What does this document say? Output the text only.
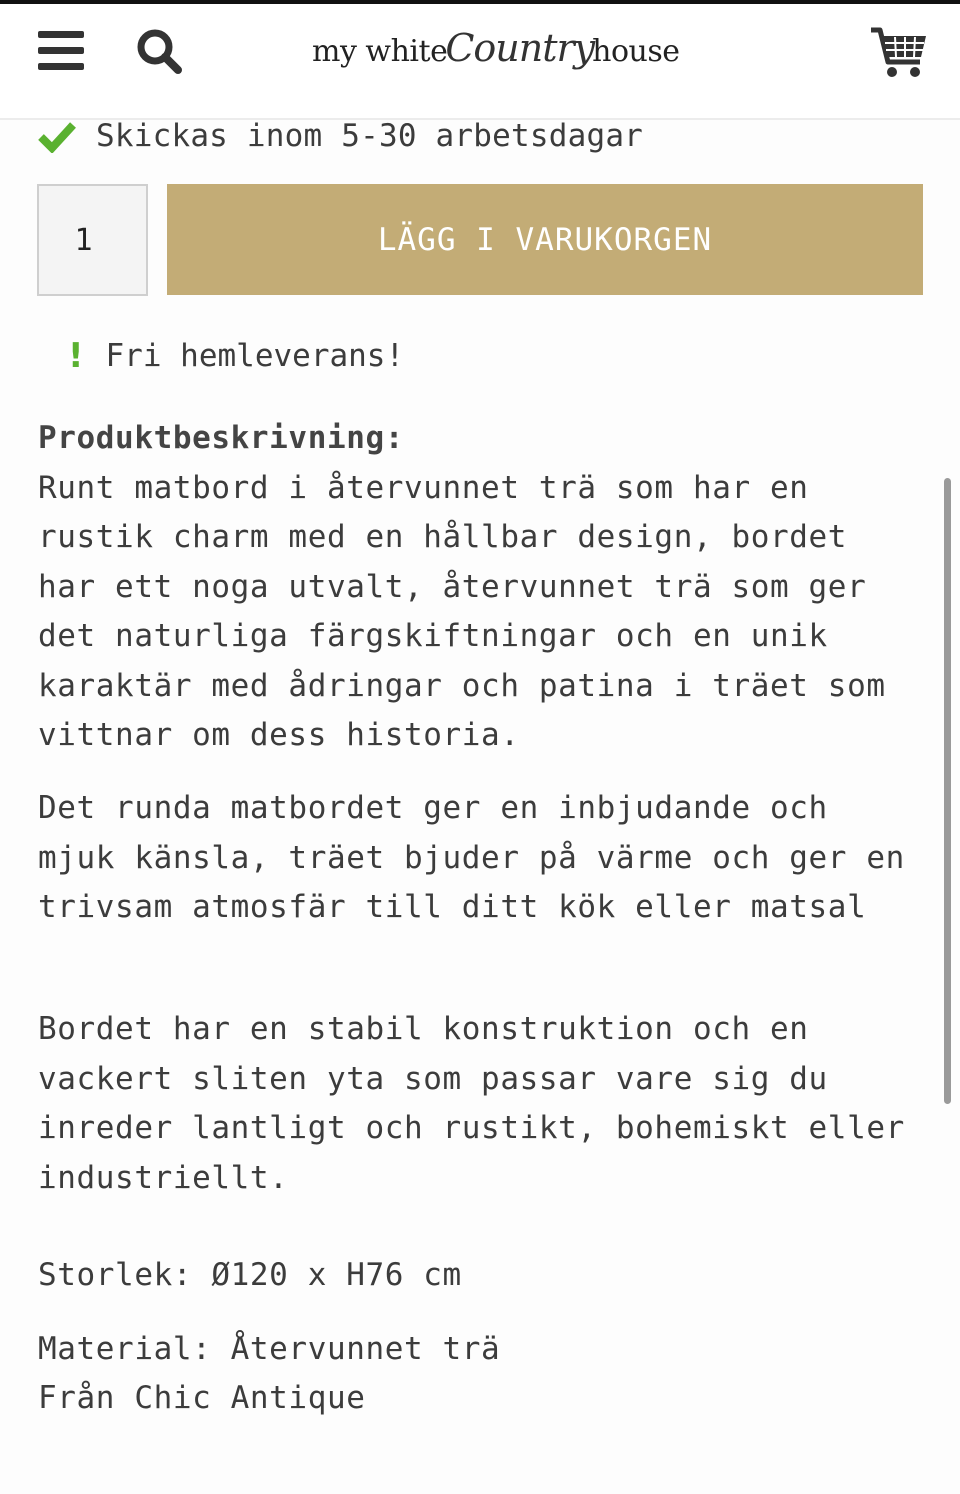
my white
Country
house
Skickas inom 5-30 arbetsdagar
1
LÄGG I VARUKORGEN
! Fri hemleverans!
Produktbeskrivning:
Runt matbord i återvunnet trä som har en rustik charm med en hållbar design, bordet har ett noga utvalt, återvunnet trä som ger det naturliga färgskiftningar och en unik karaktär med ådringar och patina i träet som vittnar om dess historia.
Det runda matbordet ger en inbjudande och mjuk känsla, träet bjuder på värme och ger en trivsam atmosfär till ditt kök eller matsal
Bordet har en stabil konstruktion och en vackert sliten yta som passar vare sig du inreder lantligt och rustikt, bohemiskt eller industriellt.
Storlek: Ø120 x H76 cm
Material: Återvunnet trä
Från Chic Antique
